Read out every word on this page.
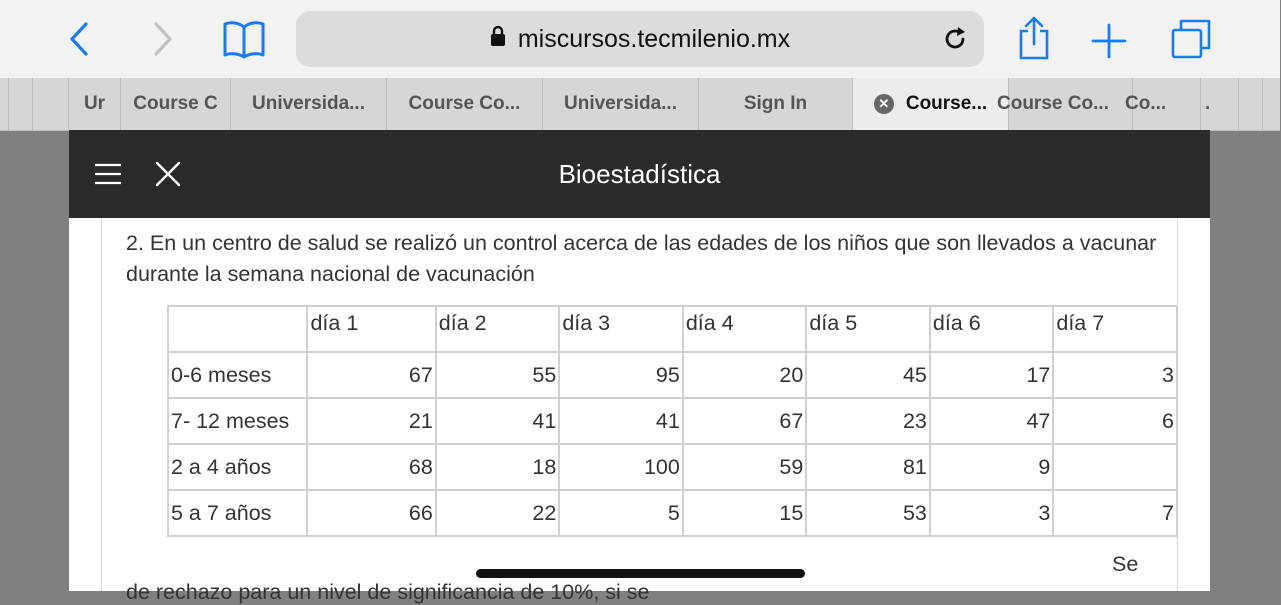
miscursos.tecmilenio.mx
Ur Course C Universida... Course Co... Universida...	Sign In	✕ Course... Course Co... Co... .
Bioestadística
2. En un centro de salud se realizó un control acerca de las edades de los niños que son llevados a vacunar durante la semana nacional de vacunación
	día 1	día 2	día 3	día 4	día 5	día 6	día 7
0-6 meses	67	55	95	20	45	17	3
7- 12 meses	21	41	41	67	23	47	6
2 a 4 años	68	18	100	59	81	9	
5 a 7 años	66	22	5	15	53	3	7
Se
de rechazo para un nivel de significancia de 10%, si se
